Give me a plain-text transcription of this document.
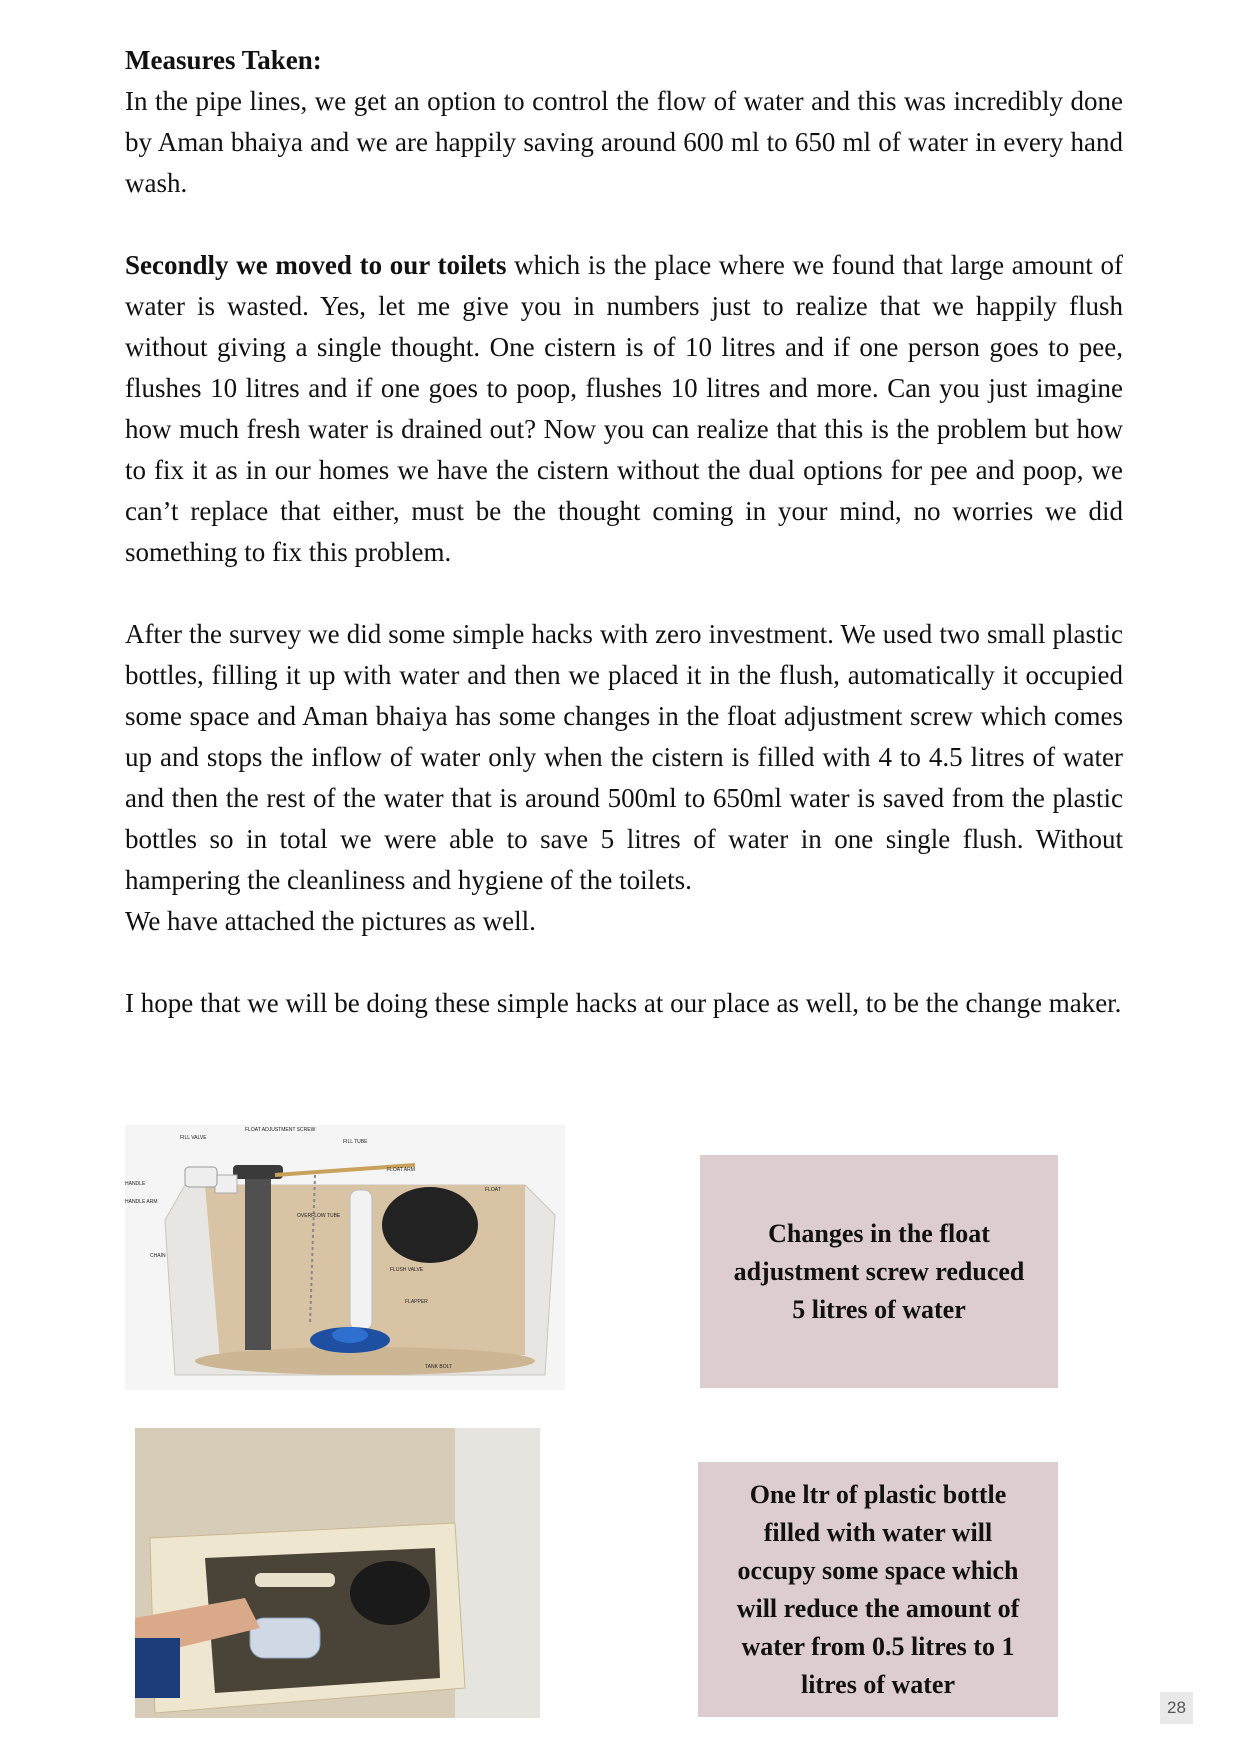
Measures Taken:

In the pipe lines, we get an option to control the flow of water and this was incredibly done by Aman bhaiya and we are happily saving around 600 ml to 650 ml of water in every hand wash.

Secondly we moved to our toilets which is the place where we found that large amount of water is wasted. Yes, let me give you in numbers just to realize that we happily flush without giving a single thought. One cistern is of 10 litres and if one person goes to pee, flushes 10 litres and if one goes to poop, flushes 10 litres and more. Can you just imagine how much fresh water is drained out? Now you can realize that this is the problem but how to fix it as in our homes we have the cistern without the dual options for pee and poop, we can’t replace that either, must be the thought coming in your mind, no worries we did something to fix this problem.

After the survey we did some simple hacks with zero investment. We used two small plastic bottles, filling it up with water and then we placed it in the flush, automatically it occupied some space and Aman bhaiya has some changes in the float adjustment screw which comes up and stops the inflow of water only when the cistern is filled with 4 to 4.5 litres of water and then the rest of the water that is around 500ml to 650ml water is saved from the plastic bottles so in total we were able to save 5 litres of water in one single flush. Without hampering the cleanliness and hygiene of the toilets.

We have attached the pictures as well.

I hope that we will be doing these simple hacks at our place as well, to be the change maker.

FILL VALVE
FLOAT ADJUSTMENT SCREW
FILL TUBE
FLOAT ARM
FLOAT
HANDLE
HANDLE ARM
OVERFLOW TUBE
CHAIN
FLUSH VALVE
FLAPPER
TANK BOLT
Changes in the float adjustment screw reduced 5 litres of water
One ltr of plastic bottle filled with water will occupy some space which will reduce the amount of water from 0.5 litres to 1 litres of water
28
